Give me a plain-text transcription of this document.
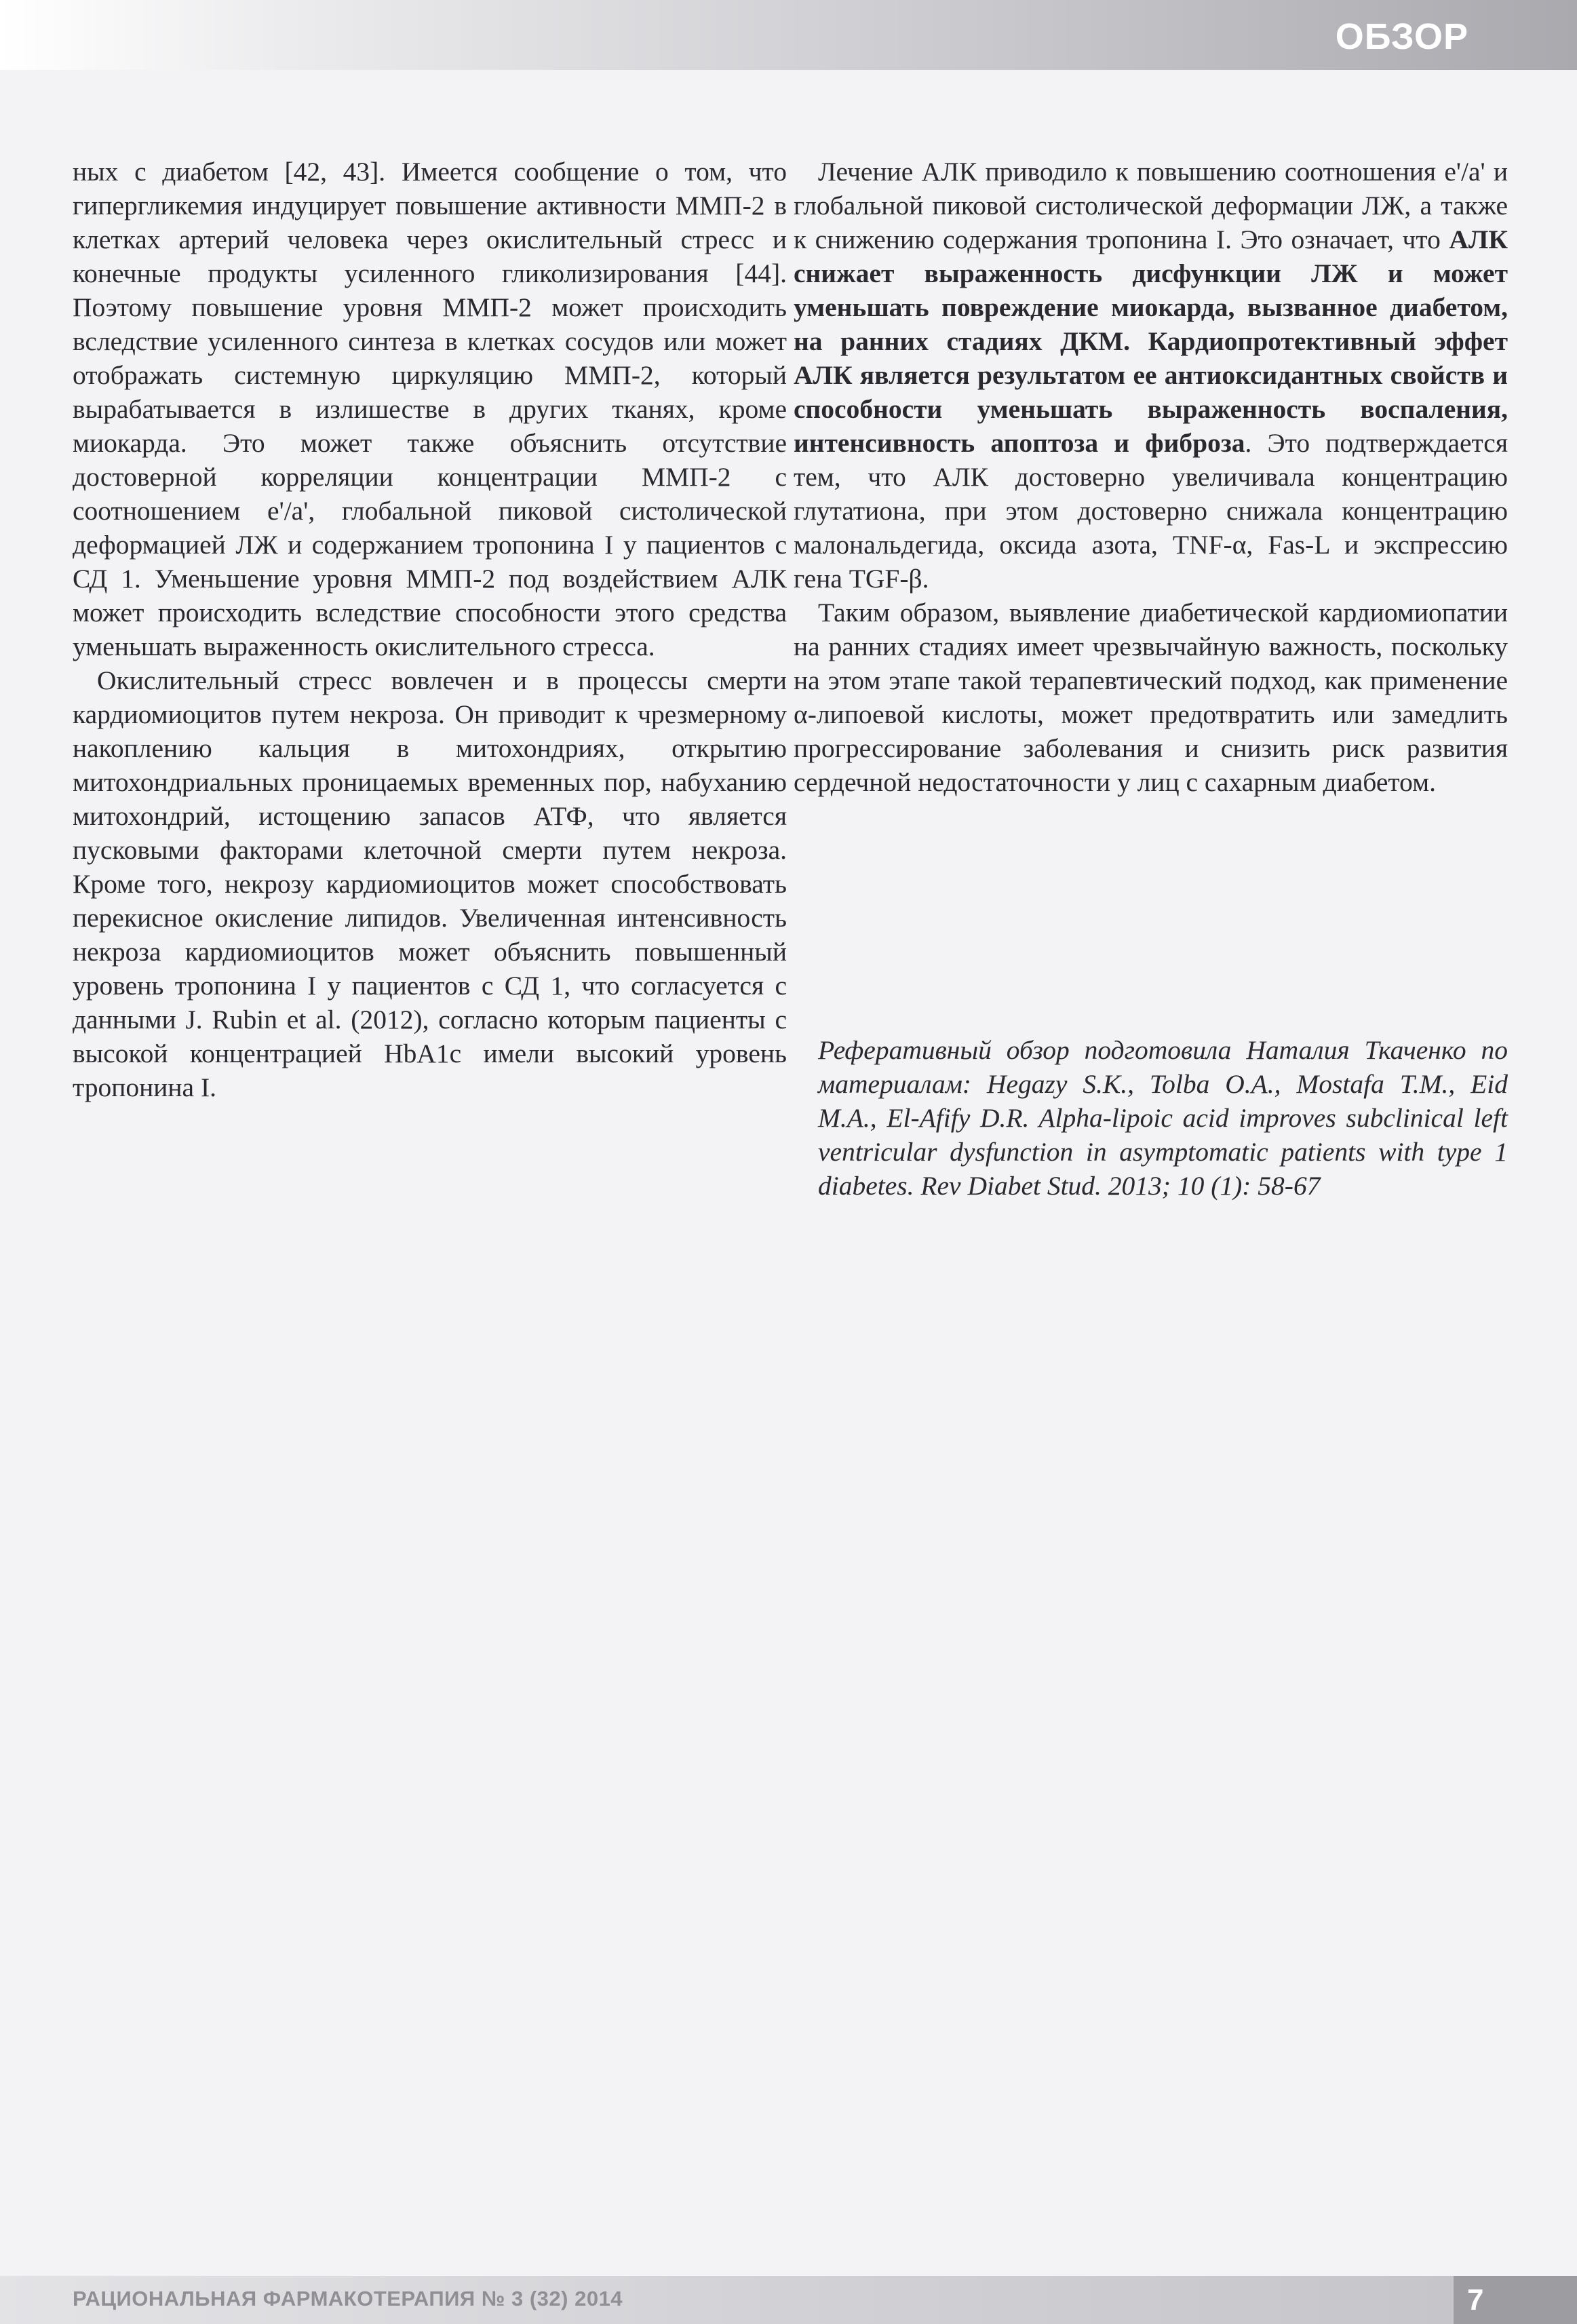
ОБЗОР

ных с диабетом [42, 43]. Имеется сообщение о том, что гипергликемия индуцирует повышение активности ММП-2 в клетках артерий человека через окислительный стресс и конечные продукты усиленного гликолизирования [44]. Поэтому повышение уровня ММП-2 может происходить вследствие усиленного синтеза в клетках сосудов или может отображать системную циркуляцию ММП-2, который вырабатывается в излишестве в других тканях, кроме миокарда. Это может также объяснить отсутствие достоверной корреляции концентрации ММП-2 с соотношением e'/a', глобальной пиковой систолической деформацией ЛЖ и содержанием тропонина I у пациентов с СД 1. Уменьшение уровня ММП-2 под воздействием АЛК может происходить вследствие способности этого средства уменьшать выраженность окислительного стресса.

Окислительный стресс вовлечен и в процессы смерти кардиомиоцитов путем некроза. Он приводит к чрезмерному накоплению кальция в митохондриях, открытию митохондриальных проницаемых временных пор, набуханию митохондрий, истощению запасов АТФ, что является пусковыми факторами клеточной смерти путем некроза. Кроме того, некрозу кардиомиоцитов может способствовать перекисное окисление липидов. Увеличенная интенсивность некроза кардиомиоцитов может объяснить повышенный уровень тропонина I у пациентов с СД 1, что согласуется с данными J. Rubin et al. (2012), согласно которым пациенты с высокой концентрацией HbA1c имели высокий уровень тропонина I.

Лечение АЛК приводило к повышению соотношения e'/a' и глобальной пиковой систолической деформации ЛЖ, а также к снижению содержания тропонина I. Это означает, что АЛК снижает выраженность дисфункции ЛЖ и может уменьшать повреждение миокарда, вызванное диабетом, на ранних стадиях ДКМ. Кардиопротективный эффет АЛК является результатом ее антиоксидантных свойств и способности уменьшать выраженность воспаления, интенсивность апоптоза и фиброза. Это подтверждается тем, что АЛК достоверно увеличивала концентрацию глутатиона, при этом достоверно снижала концентрацию малональдегида, оксида азота, TNF-α, Fas-L и экспрессию гена TGF-β.

Таким образом, выявление диабетической кардиомиопатии на ранних стадиях имеет чрезвычайную важность, поскольку на этом этапе такой терапевтический подход, как применение α-липоевой кислоты, может предотвратить или замедлить прогрессирование заболевания и снизить риск развития сердечной недостаточности у лиц с сахарным диабетом.

Реферативный обзор подготовила Наталия Ткаченко по материалам: Hegazy S.K., Tolba O.A., Mostafa T.M., Eid M.A., El-Afify D.R. Alpha-lipoic acid improves subclinical left ventricular dysfunction in asymptomatic patients with type 1 diabetes. Rev Diabet Stud. 2013; 10 (1): 58-67
РАЦИОНАЛЬНАЯ ФАРМАКОТЕРАПИЯ № 3 (32) 2014	7
